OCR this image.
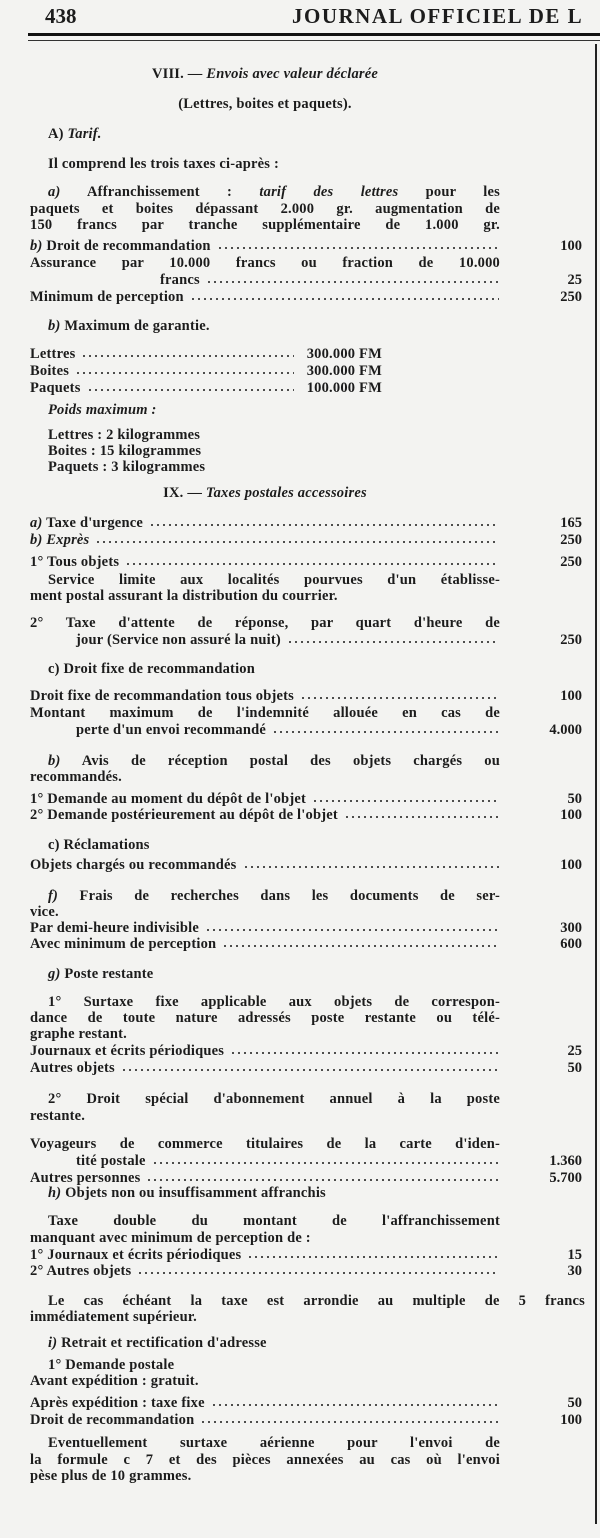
438	JOURNAL OFFICIEL DE L
VIII. — Envois avec valeur déclarée
(Lettres, boites et paquets).
A) Tarif.
Il comprend les trois taxes ci-après :
a) Affranchissement : tarif des lettres pour les
paquets et boites dépassant 2.000 gr. augmentation de
150 francs par tranche supplémentaire de 1.000 gr.
b) Droit de recommandation	100
Assurance par 10.000 francs ou fraction de 10.000
francs	25
Minimum de perception	250
b) Maximum de garantie.
Lettres	300.000 FM
Boites	300.000 FM
Paquets	100.000 FM
Poids maximum :
Lettres : 2 kilogrammes
Boites : 15 kilogrammes
Paquets : 3 kilogrammes
IX. — Taxes postales accessoires
a) Taxe d'urgence	165
b) Exprès	250
1° Tous objets	250
Service limite aux localités pourvues d'un établisse-
ment postal assurant la distribution du courrier.
2° Taxe d'attente de réponse, par quart d'heure de
jour (Service non assuré la nuit)	250
c) Droit fixe de recommandation
Droit fixe de recommandation tous objets	100
Montant maximum de l'indemnité allouée en cas de
perte d'un envoi recommandé	4.000
b) Avis de réception postal des objets chargés ou
recommandés.
1° Demande au moment du dépôt de l'objet	50
2° Demande postérieurement au dépôt de l'objet	100
c) Réclamations
Objets chargés ou recommandés	100
f) Frais de recherches dans les documents de ser-
vice.
Par demi-heure indivisible	300
Avec minimum de perception	600
g) Poste restante
1° Surtaxe fixe applicable aux objets de correspon-
dance de toute nature adressés poste restante ou télé-
graphe restant.
Journaux et écrits périodiques	25
Autres objets	50
2° Droit spécial d'abonnement annuel à la poste
restante.
Voyageurs de commerce titulaires de la carte d'iden-
tité postale	1.360
Autres personnes	5.700
h) Objets non ou insuffisamment affranchis
Taxe double du montant de l'affranchissement
manquant avec minimum de perception de :
1° Journaux et écrits périodiques	15
2° Autres objets	30
Le cas échéant la taxe est arrondie au multiple de 5 francs
immédiatement supérieur.
i) Retrait et rectification d'adresse
1° Demande postale
Avant expédition : gratuit.
Après expédition : taxe fixe	50
Droit de recommandation	100
Eventuellement surtaxe aérienne pour l'envoi de
la formule c 7 et des pièces annexées au cas où l'envoi
pèse plus de 10 grammes.
